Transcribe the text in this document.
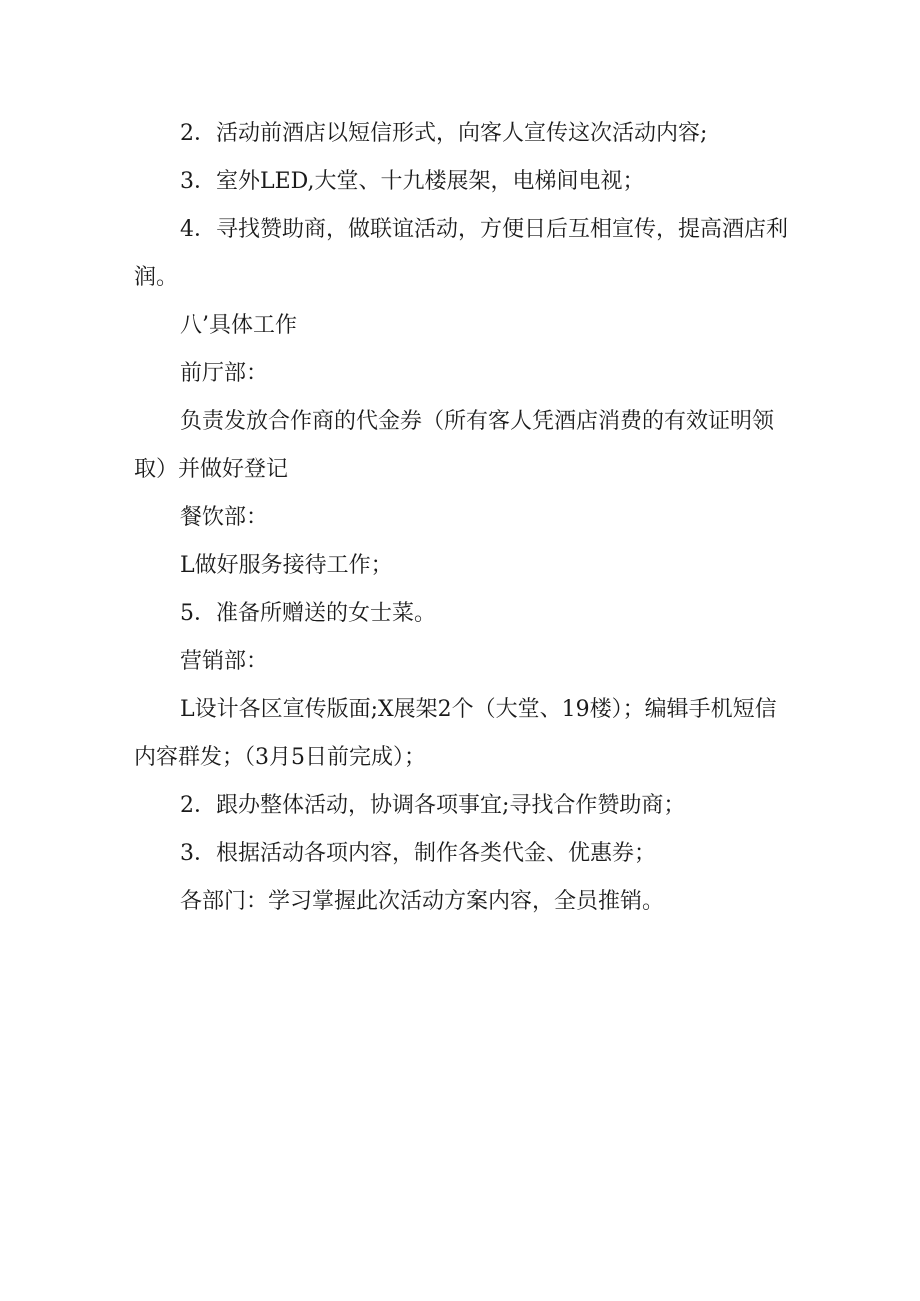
2．活动前酒店以短信形式，向客人宣传这次活动内容;

3．室外LED,大堂、十九楼展架，电梯间电视；

4．寻找赞助商，做联谊活动，方便日后互相宣传，提高酒店利润。

八’具体工作

前厅部：

负责发放合作商的代金券（所有客人凭酒店消费的有效证明领取）并做好登记

餐饮部：

L做好服务接待工作；

5．准备所赠送的女士菜。

营销部：

L设计各区宣传版面;X展架2个（大堂、19楼）；编辑手机短信内容群发；（3月5日前完成）；

2．跟办整体活动，协调各项事宜;寻找合作赞助商；

3．根据活动各项内容，制作各类代金、优惠券；

各部门：学习掌握此次活动方案内容，全员推销。
